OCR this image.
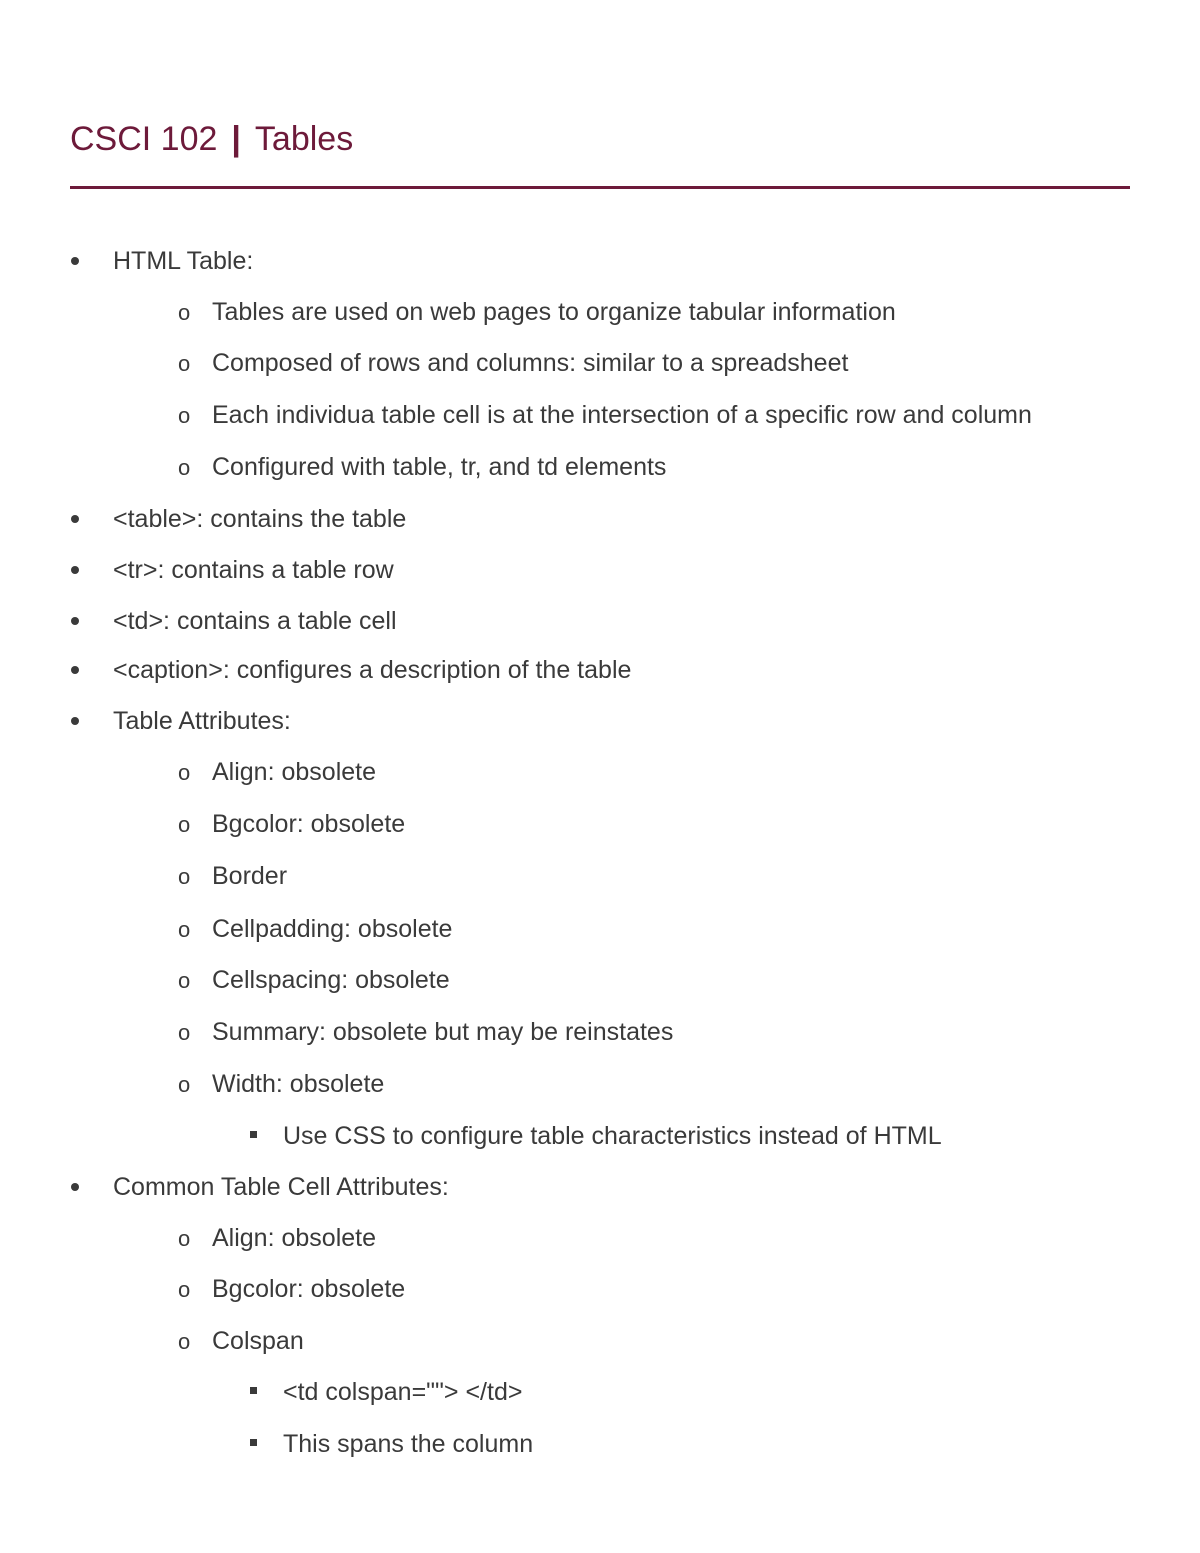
CSCI 102 | Tables
HTML Table:
o Tables are used on web pages to organize tabular information
o Composed of rows and columns: similar to a spreadsheet
o Each individua table cell is at the intersection of a specific row and column
o Configured with table, tr, and td elements
<table>: contains the table
<tr>: contains a table row
<td>: contains a table cell
<caption>: configures a description of the table
Table Attributes:
o Align: obsolete
o Bgcolor: obsolete
o Border
o Cellpadding: obsolete
o Cellspacing: obsolete
o Summary: obsolete but may be reinstates
o Width: obsolete
Use CSS to configure table characteristics instead of HTML
Common Table Cell Attributes:
o Align: obsolete
o Bgcolor: obsolete
o Colspan
<td colspan=""> </td>
This spans the column
